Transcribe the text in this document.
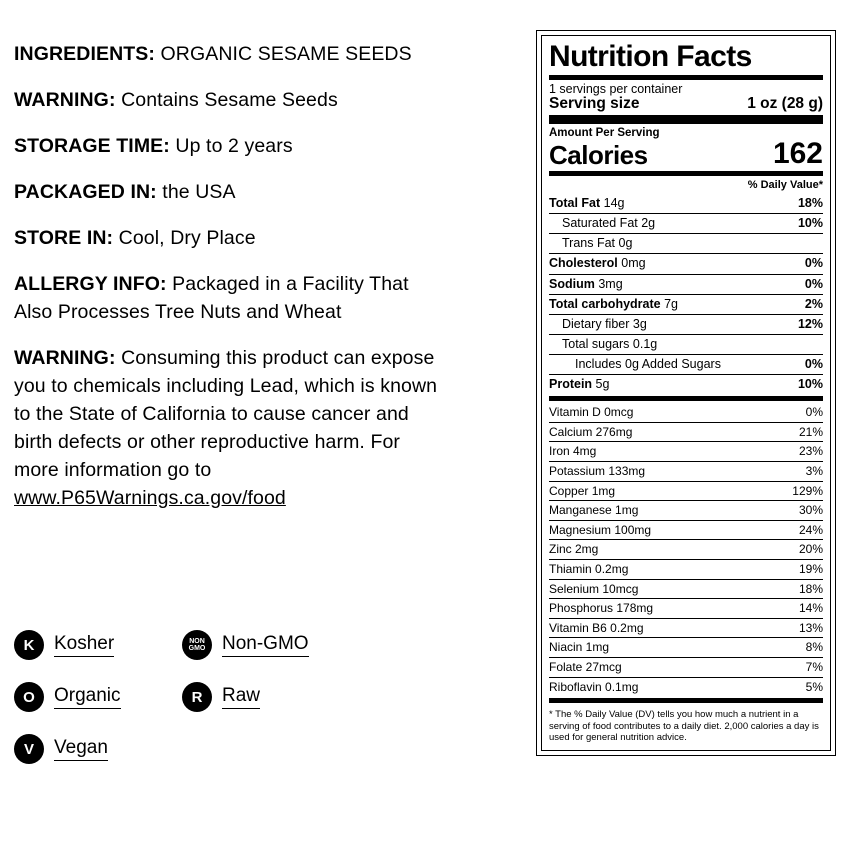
INGREDIENTS: ORGANIC SESAME SEEDS
WARNING: Contains Sesame Seeds
STORAGE TIME: Up to 2 years
PACKAGED IN: the USA
STORE IN: Cool, Dry Place
ALLERGY INFO: Packaged in a Facility That Also Processes Tree Nuts and Wheat
WARNING: Consuming this product can expose you to chemicals including Lead, which is known to the State of California to cause cancer and birth defects or other reproductive harm. For more information go to www.P65Warnings.ca.gov/food
K	Kosher	NON
GMO Non-GMO
O	Organic	R	Raw
V	Vegan
Nutrition Facts
1 servings per container
Serving size	1 oz (28 g)
Amount Per Serving
Calories	162
% Daily Value*
Total Fat 14g	18%
Saturated Fat 2g	10%
Trans Fat 0g
Cholesterol 0mg	0%
Sodium 3mg	0%
Total carbohydrate 7g	2%
Dietary fiber 3g	12%
Total sugars 0.1g
Includes 0g Added Sugars	0%
Protein 5g	10%
Vitamin D 0mcg	0%
Calcium 276mg	21%
Iron 4mg	23%
Potassium 133mg	3%
Copper 1mg	129%
Manganese 1mg	30%
Magnesium 100mg	24%
Zinc 2mg	20%
Thiamin 0.2mg	19%
Selenium 10mcg	18%
Phosphorus 178mg	14%
Vitamin B6 0.2mg	13%
Niacin 1mg	8%
Folate 27mcg	7%
Riboflavin 0.1mg	5%
* The % Daily Value (DV) tells you how much a nutrient in a serving of food contributes to a daily diet. 2,000 calories a day is used for general nutrition advice.
